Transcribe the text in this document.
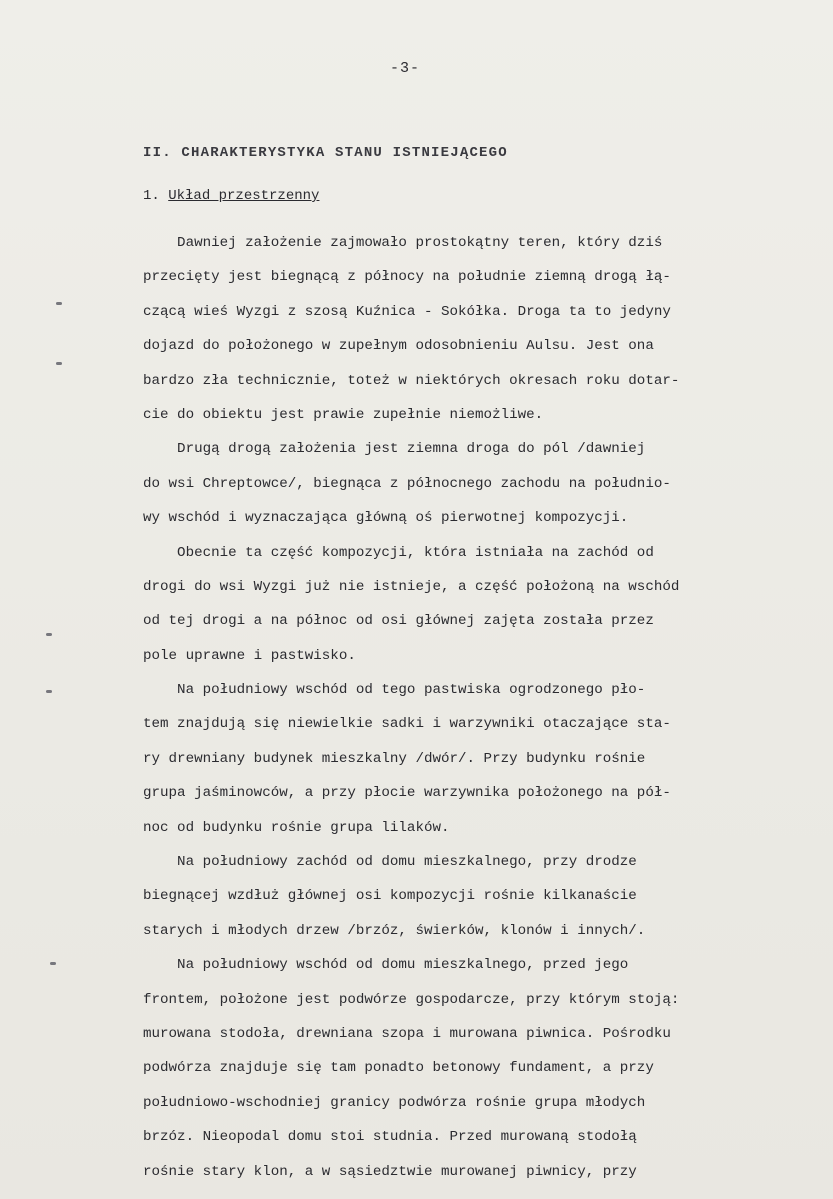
-3-
II. CHARAKTERYSTYKA STANU ISTNIEJĄCEGO
1. Układ przestrzenny
Dawniej założenie zajmowało prostokątny teren, który dziś
przecięty jest biegnącą z północy na południe ziemną drogą łą-
czącą wieś Wyzgi z szosą Kuźnica - Sokółka. Droga ta to jedyny
dojazd do położonego w zupełnym odosobnieniu Aulsu. Jest ona
bardzo zła technicznie, toteż w niektórych okresach roku dotar-
cie do obiektu jest prawie zupełnie niemożliwe.
Drugą drogą założenia jest ziemna droga do pól /dawniej
do wsi Chreptowce/, biegnąca z północnego zachodu na południo-
wy wschód i wyznaczająca główną oś pierwotnej kompozycji.
Obecnie ta część kompozycji, która istniała na zachód od
drogi do wsi Wyzgi już nie istnieje, a część położoną na wschód
od tej drogi a na północ od osi głównej zajęta została przez
pole uprawne i pastwisko.
Na południowy wschód od tego pastwiska ogrodzonego pło-
tem znajdują się niewielkie sadki i warzywniki otaczające sta-
ry drewniany budynek mieszkalny /dwór/. Przy budynku rośnie
grupa jaśminowców, a przy płocie warzywnika położonego na pół-
noc od budynku rośnie grupa lilaków.
Na południowy zachód od domu mieszkalnego, przy drodze
biegnącej wzdłuż głównej osi kompozycji rośnie kilkanaście
starych i młodych drzew /brzóz, świerków, klonów i innych/.
Na południowy wschód od domu mieszkalnego, przed jego
frontem, położone jest podwórze gospodarcze, przy którym stoją:
murowana stodoła, drewniana szopa i murowana piwnica. Pośrodku
podwórza znajduje się tam ponadto betonowy fundament, a przy
południowo-wschodniej granicy podwórza rośnie grupa młodych
brzóz. Nieopodal domu stoi studnia. Przed murowaną stodołą
rośnie stary klon, a w sąsiedztwie murowanej piwnicy, przy
